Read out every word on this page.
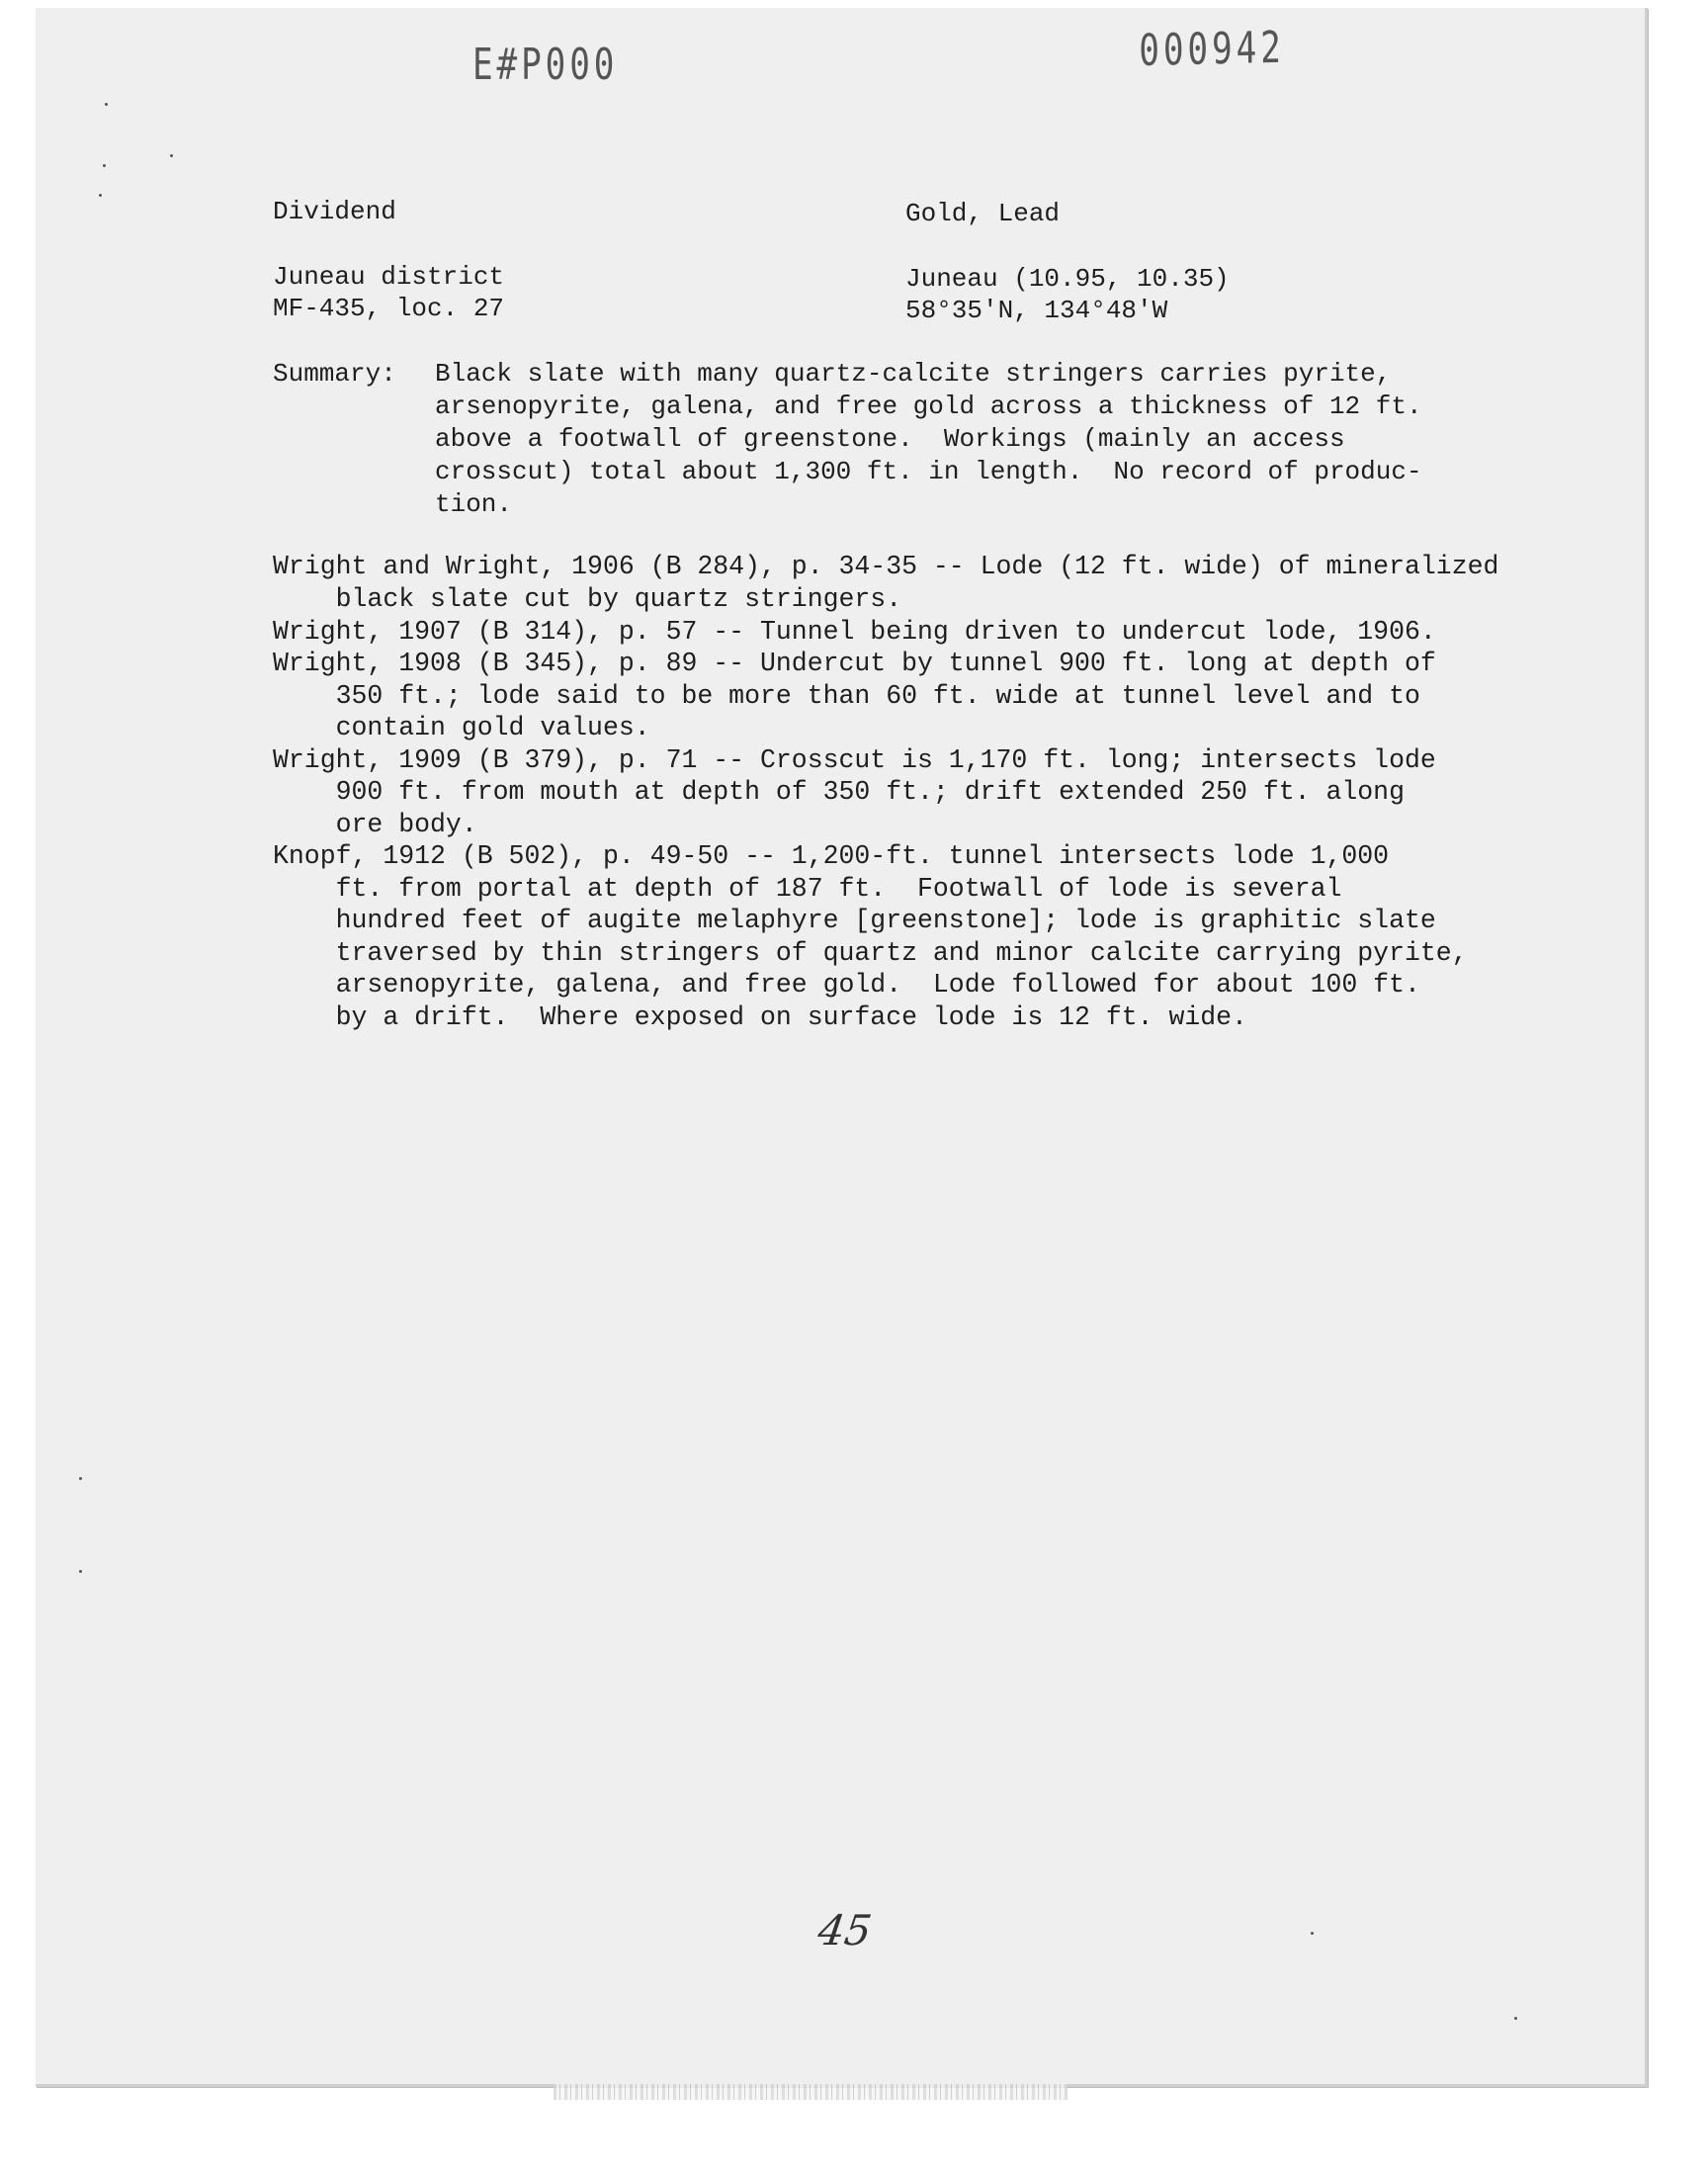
E#P000	000942
Dividend	Gold, Lead
Juneau district
MF-435, loc. 27
Juneau (10.95, 10.35)
58°35'N, 134°48'W
Summary: Black slate with many quartz-calcite stringers carries pyrite,
arsenopyrite, galena, and free gold across a thickness of 12 ft.
above a footwall of greenstone.  Workings (mainly an access
crosscut) total about 1,300 ft. in length.  No record of produc-
tion.
Wright and Wright, 1906 (B 284), p. 34-35 -- Lode (12 ft. wide) of mineralized
black slate cut by quartz stringers.
Wright, 1907 (B 314), p. 57 -- Tunnel being driven to undercut lode, 1906.
Wright, 1908 (B 345), p. 89 -- Undercut by tunnel 900 ft. long at depth of
350 ft.; lode said to be more than 60 ft. wide at tunnel level and to
contain gold values.
Wright, 1909 (B 379), p. 71 -- Crosscut is 1,170 ft. long; intersects lode
900 ft. from mouth at depth of 350 ft.; drift extended 250 ft. along
ore body.
Knopf, 1912 (B 502), p. 49-50 -- 1,200-ft. tunnel intersects lode 1,000
ft. from portal at depth of 187 ft.  Footwall of lode is several
hundred feet of augite melaphyre [greenstone]; lode is graphitic slate
traversed by thin stringers of quartz and minor calcite carrying pyrite,
arsenopyrite, galena, and free gold.  Lode followed for about 100 ft.
by a drift.  Where exposed on surface lode is 12 ft. wide.
45
